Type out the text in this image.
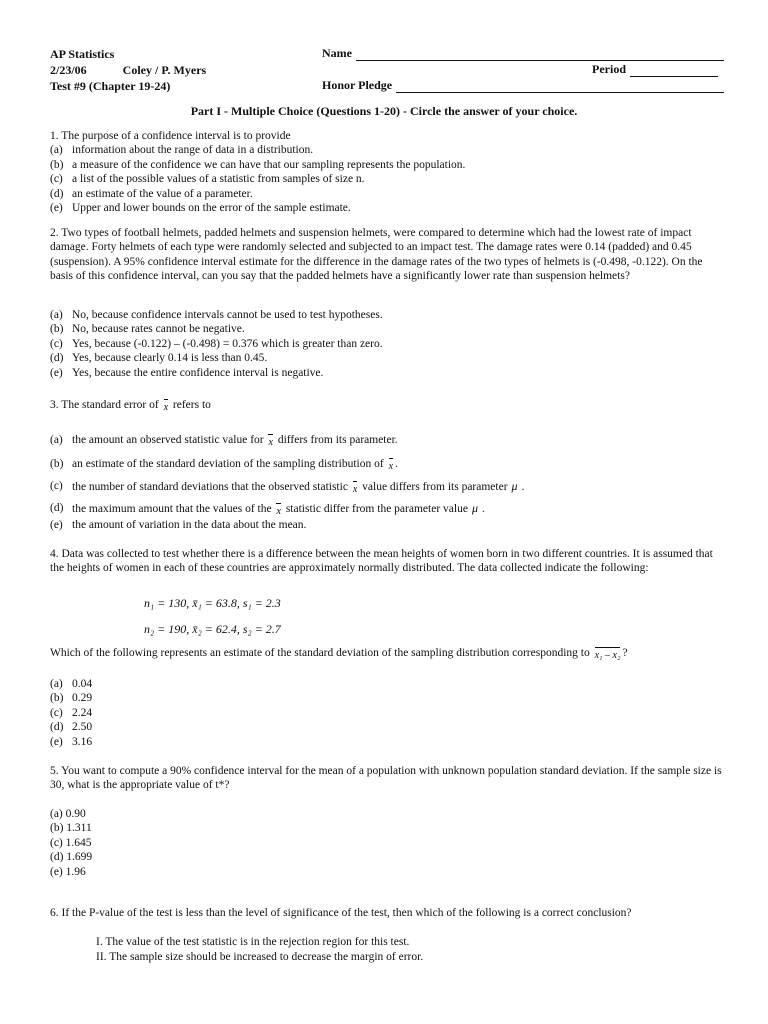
AP Statistics
2/23/06	Coley / P. Myers
Test #9 (Chapter 19-24)
Name
Period
Honor Pledge
Part I - Multiple Choice (Questions 1-20) - Circle the answer of your choice.

1. The purpose of a confidence interval is to provide

(a) information about the range of data in a distribution.
(b) a measure of the confidence we can have that our sampling represents the population.
(c) a list of the possible values of a statistic from samples of size n.
(d) an estimate of the value of a parameter.
(e) Upper and lower bounds on the error of the sample estimate.

2. Two types of football helmets, padded helmets and suspension helmets, were compared to determine which had the lowest rate of impact damage. Forty helmets of each type were randomly selected and subjected to an impact test. The damage rates were 0.14 (padded) and 0.45 (suspension). A 95% confidence interval estimate for the difference in the damage rates of the two types of helmets is (-0.498, -0.122). On the basis of this confidence interval, can you say that the padded helmets have a significantly lower rate than suspension helmets?

(a) No, because confidence intervals cannot be used to test hypotheses.
(b) No, because rates cannot be negative.
(c) Yes, because (-0.122) – (-0.498) = 0.376 which is greater than zero.
(d) Yes, because clearly 0.14 is less than 0.45.
(e) Yes, because the entire confidence interval is negative.

3. The standard error of x refers to

(a) the amount an observed statistic value for x differs from its parameter.
(b) an estimate of the standard deviation of the sampling distribution of x .
(c) the number of standard deviations that the observed statistic x value differs from its parameter μ .
(d) the maximum amount that the values of the x statistic differ from the parameter value μ .
(e) the amount of variation in the data about the mean.

4. Data was collected to test whether there is a difference between the mean heights of women born in two different countries. It is assumed that the heights of women in each of these countries are approximately normally distributed. The data collected indicate the following:

n₁ = 130, x̄₁ = 63.8, s₁ = 2.3
n₂ = 190, x̄₂ = 62.4, s₂ = 2.7

Which of the following represents an estimate of the standard deviation of the sampling distribution corresponding to x₁ – x₂ ?

(a) 0.04
(b) 0.29
(c) 2.24
(d) 2.50
(e) 3.16

5. You want to compute a 90% confidence interval for the mean of a population with unknown population standard deviation. If the sample size is 30, what is the appropriate value of t*?

(a) 0.90
(b) 1.311
(c) 1.645
(d) 1.699
(e) 1.96

6. If the P-value of the test is less than the level of significance of the test, then which of the following is a correct conclusion?

I. The value of the test statistic is in the rejection region for this test.
II. The sample size should be increased to decrease the margin of error.
